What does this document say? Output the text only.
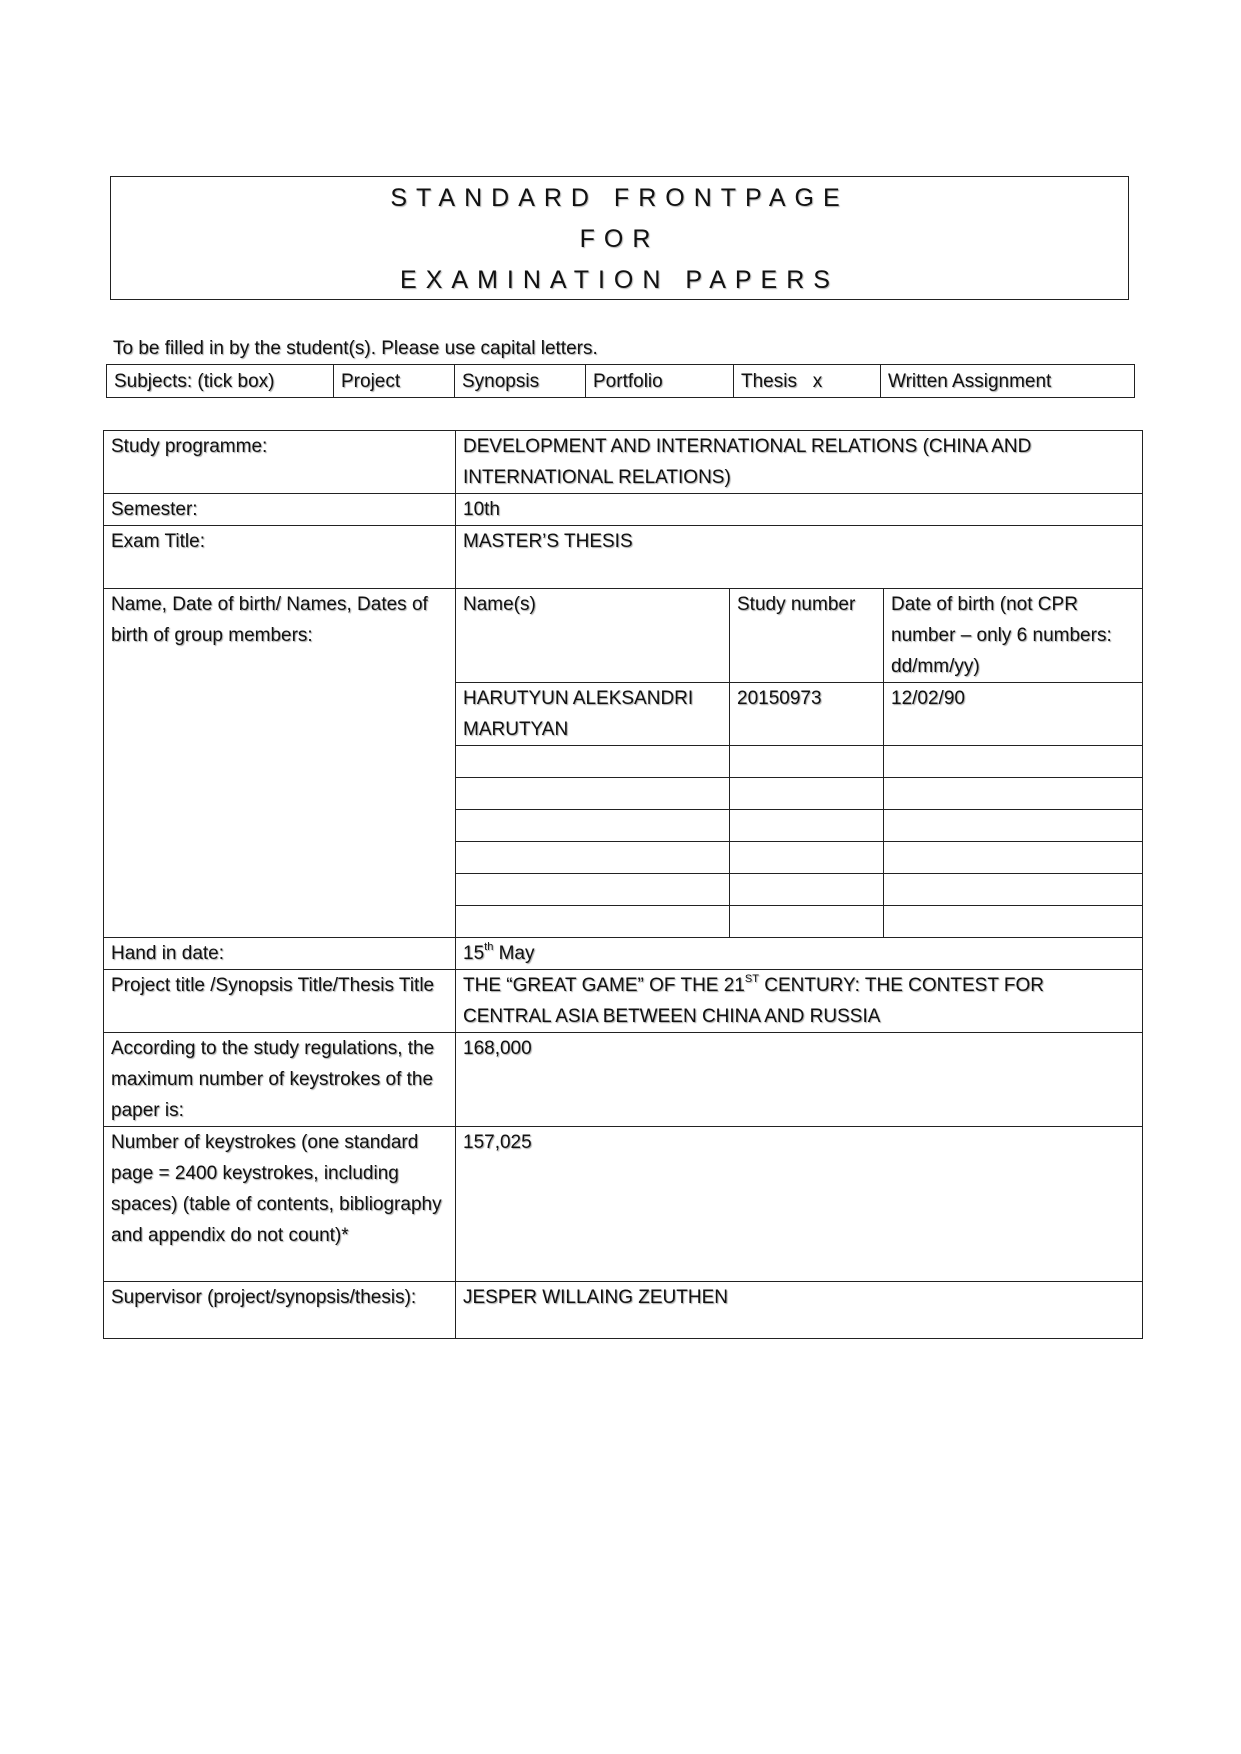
STANDARD FRONTPAGE
FOR
EXAMINATION PAPERS
To be filled in by the student(s). Please use capital letters.
Subjects: (tick box)	Project	Synopsis	Portfolio	Thesis   x	Written Assignment
Study programme:	DEVELOPMENT AND INTERNATIONAL RELATIONS (CHINA AND INTERNATIONAL RELATIONS)		
Semester:	10th		
Exam Title:	MASTER’S THESIS		
Name, Date of birth/ Names, Dates of birth of group members:	Name(s)	Study number	Date of birth (not CPR number – only 6 numbers: dd/mm/yy)
	HARUTYUN ALEKSANDRI MARUTYAN	20150973	12/02/90

Hand in date:	15th May		
Project title /Synopsis Title/Thesis Title	THE “GREAT GAME” OF THE 21ST CENTURY: THE CONTEST FOR CENTRAL ASIA BETWEEN CHINA AND RUSSIA		
According to the study regulations, the maximum number of keystrokes of the paper is:	168,000		
Number of keystrokes (one standard page = 2400 keystrokes, including spaces) (table of contents, bibliography and appendix do not count)*	157,025		
Supervisor (project/synopsis/thesis):	JESPER WILLAING ZEUTHEN		
